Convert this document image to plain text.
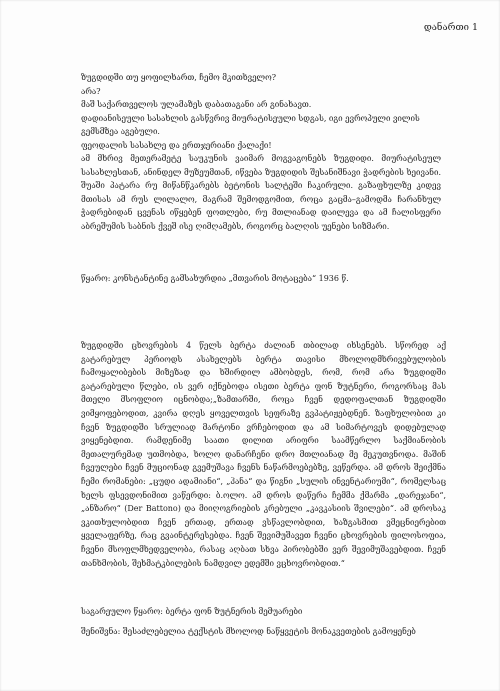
დანართი 1

ზუგდიდში თუ ყოფილხართ, ჩემო მკითხველო?

არა?

მაშ საქართველოს ულამაზეს დაბათაგანი არ გინახავთ.

დადიანისეული სასახლის გასწვრივ მიურატისეული სდგას, იგი ევროპული ვილის გემსმზეა აგებული.

ფეოდალის სასახლე და ერთჯერიანი ქალაქი!

ამ მხრივ მეთერამეტე საუკუნის ვაიმარ მოგვაგონებს ზუგდიდი. მიურატისეულ სასახლესთან, ანინდელ მუზეუმთან, იწვება ზუგდიდის შესანიშნავი ჭადრების ხეივანი. შუაში პატარა რუ მიწანწკარებს ბეტონის სალტეში ჩაკირული. გაზაფხულზე კიდევ მთისას ამ რუს ლილალო, მაგრამ შემოდგომით, როცა გაცმა–გამოდმა ჩარანხულ ჭადრებიდან ცვენას იწყებენ ფოთლები, რუ მთლიანად დაილევა და ამ ჩალისფერი აბრეშუმის საბნის ქვეშ ისე ღიმღამებს, როგორც ბალღის უენები სიზმარი.

წყარო: კონსტანტინე გამსახურდია „მთვარის მოტაცება“ 1936 წ.
ზუგდიდში ცხოვრების 4 წელს ბერტა ძალიან თბილად იხსენებს. სწორედ აქ გატარებულ პერიოდს ასახელებს ბერტა თავისი მხოლოდმხრივებულობის ჩამოყალიბების მიზეზად და ხშირდილ ამბობდეს, რომ, რომ არა ზუგდიდში გატარებული წლები, ის ვერ იქნებოდა ისეთი ბერტა ფონ ზუტნერი, როგორსაც მას მთელი მსოფლიო იცნობდა;„ზამთარში, როცა ჩვენ დედოფალთან ზუგდიდში ვიმყოფებოდით, კვირა დღეს ყოველთვის სეფრაზე გვპატიჟებდნენ. ზაფხულობით კი ჩვენ ზუგდიდში სრულიად მარტონი ვრჩებოდით და ამ სიმარტოვეს დიდებულად ვიყენებდით. რამდენიმე საათი დილით არიფრი საამწერლო საქმიანობის მეთალურემად უთმობდა, ხოლო დანარჩენი დრო მთლიანად მე მეკუთვნოდა. მაშინ ჩვეულები ჩვენ მუციონად გვემუშავა ჩვენს ნაწარმოებებზე, ვეწერდა. ამ დროს შეიქმნა ჩემი რომანები: „ცუდი ადამიანი“, „ჰანა“ და წიგნი „სულის ინვენტარიუმი“, რომელსაც ხელს ფსევდონიმით ვაწერდი: ბ.ოლო. ამ დროს დაწერა ჩემმა ქმარმა „დარეჯანი“, „ანზარო“ (Der Battono) და მიიღოგრიების კრებული „კავკასიის შვილები“. ამ დროსაკ ვკითხულობდით ჩვენ ერთად, ერთად ვსწავლობდით, ხაზგასმით ვმეცნიერებით ყველაფერზე, რაც გვაინტერესებდა. ჩვენ შევიმუშავეთ ჩვენი ცხოვრების ფილოსოფია, ჩვენი მსოფლმხედველობა, რასაც აღბათ სხვა პირობებში ვერ შევიმუშავებდით. ჩვენ თანხმობის, შეხმატკბილების ნამდვილ ედემში ვცხოვრობდით.“
საგარეულო წყარო: ბერტა ფონ ზუტნერის მემუარები
შენიშვნა: შესაძლებელია ტექსტის მხოლოდ ნაწყვეტის მონაკვეთების გამოყენებ
